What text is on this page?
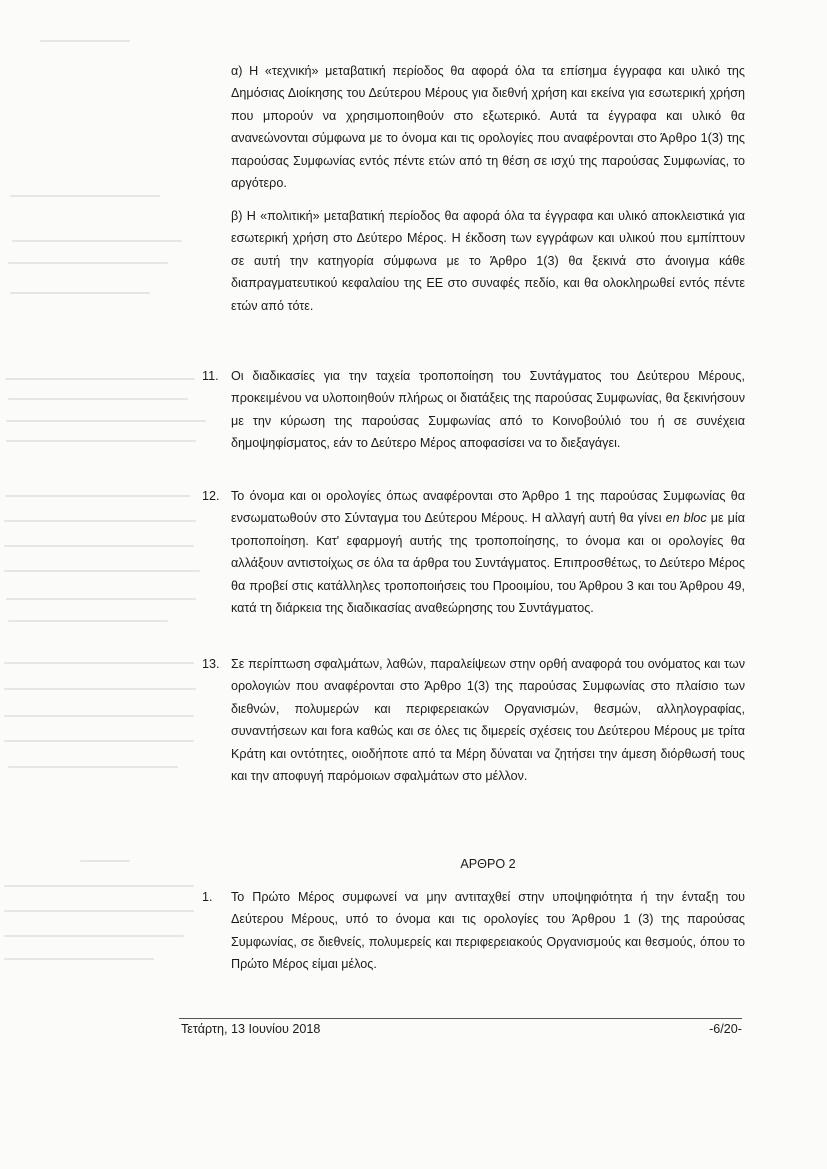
α) Η «τεχνική» μεταβατική περίοδος θα αφορά όλα τα επίσημα έγγραφα και υλικό της Δημόσιας Διοίκησης του Δεύτερου Μέρους για διεθνή χρήση και εκείνα για εσωτερική χρήση που μπορούν να χρησιμοποιηθούν στο εξωτερικό. Αυτά τα έγγραφα και υλικό θα ανανεώνονται σύμφωνα με το όνομα και τις ορολογίες που αναφέρονται στο Άρθρο 1(3) της παρούσας Συμφωνίας εντός πέντε ετών από τη θέση σε ισχύ της παρούσας Συμφωνίας, το αργότερο.

β) Η «πολιτική» μεταβατική περίοδος θα αφορά όλα τα έγγραφα και υλικό αποκλειστικά για εσωτερική χρήση στο Δεύτερο Μέρος. Η έκδοση των εγγράφων και υλικού που εμπίπτουν σε αυτή την κατηγορία σύμφωνα με το Άρθρο 1(3) θα ξεκινά στο άνοιγμα κάθε διαπραγματευτικού κεφαλαίου της ΕΕ στο συναφές πεδίο, και θα ολοκληρωθεί εντός πέντε ετών από τότε.

11. Οι διαδικασίες για την ταχεία τροποποίηση του Συντάγματος του Δεύτερου Μέρους, προκειμένου να υλοποιηθούν πλήρως οι διατάξεις της παρούσας Συμφωνίας, θα ξεκινήσουν με την κύρωση της παρούσας Συμφωνίας από το Κοινοβούλιό του ή σε συνέχεια δημοψηφίσματος, εάν το Δεύτερο Μέρος αποφασίσει να το διεξαγάγει.
12. Το όνομα και οι ορολογίες όπως αναφέρονται στο Άρθρο 1 της παρούσας Συμφωνίας θα ενσωματωθούν στο Σύνταγμα του Δεύτερου Μέρους. Η αλλαγή αυτή θα γίνει en bloc με μία τροποποίηση. Κατ' εφαρμογή αυτής της τροποποίησης, το όνομα και οι ορολογίες θα αλλάξουν αντιστοίχως σε όλα τα άρθρα του Συντάγματος. Επιπροσθέτως, το Δεύτερο Μέρος θα προβεί στις κατάλληλες τροποποιήσεις του Προοιμίου, του Άρθρου 3 και του Άρθρου 49, κατά τη διάρκεια της διαδικασίας αναθεώρησης του Συντάγματος.
13. Σε περίπτωση σφαλμάτων, λαθών, παραλείψεων στην ορθή αναφορά του ονόματος και των ορολογιών που αναφέρονται στο Άρθρο 1(3) της παρούσας Συμφωνίας στο πλαίσιο των διεθνών, πολυμερών και περιφερειακών Οργανισμών, θεσμών, αλληλογραφίας, συναντήσεων και fora καθώς και σε όλες τις διμερείς σχέσεις του Δεύτερου Μέρους με τρίτα Κράτη και οντότητες, οιοδήποτε από τα Μέρη δύναται να ζητήσει την άμεση διόρθωσή τους και την αποφυγή παρόμοιων σφαλμάτων στο μέλλον.
ΑΡΘΡΟ 2
1.	Το Πρώτο Μέρος συμφωνεί να μην αντιταχθεί στην υποψηφιότητα ή την ένταξη του Δεύτερου Μέρους, υπό το όνομα και τις ορολογίες του Άρθρου 1 (3) της παρούσας Συμφωνίας, σε διεθνείς, πολυμερείς και περιφερειακούς Οργανισμούς και θεσμούς, όπου το Πρώτο Μέρος είμαι μέλος.
Τετάρτη, 13 Ιουνίου 2018	-6/20-
